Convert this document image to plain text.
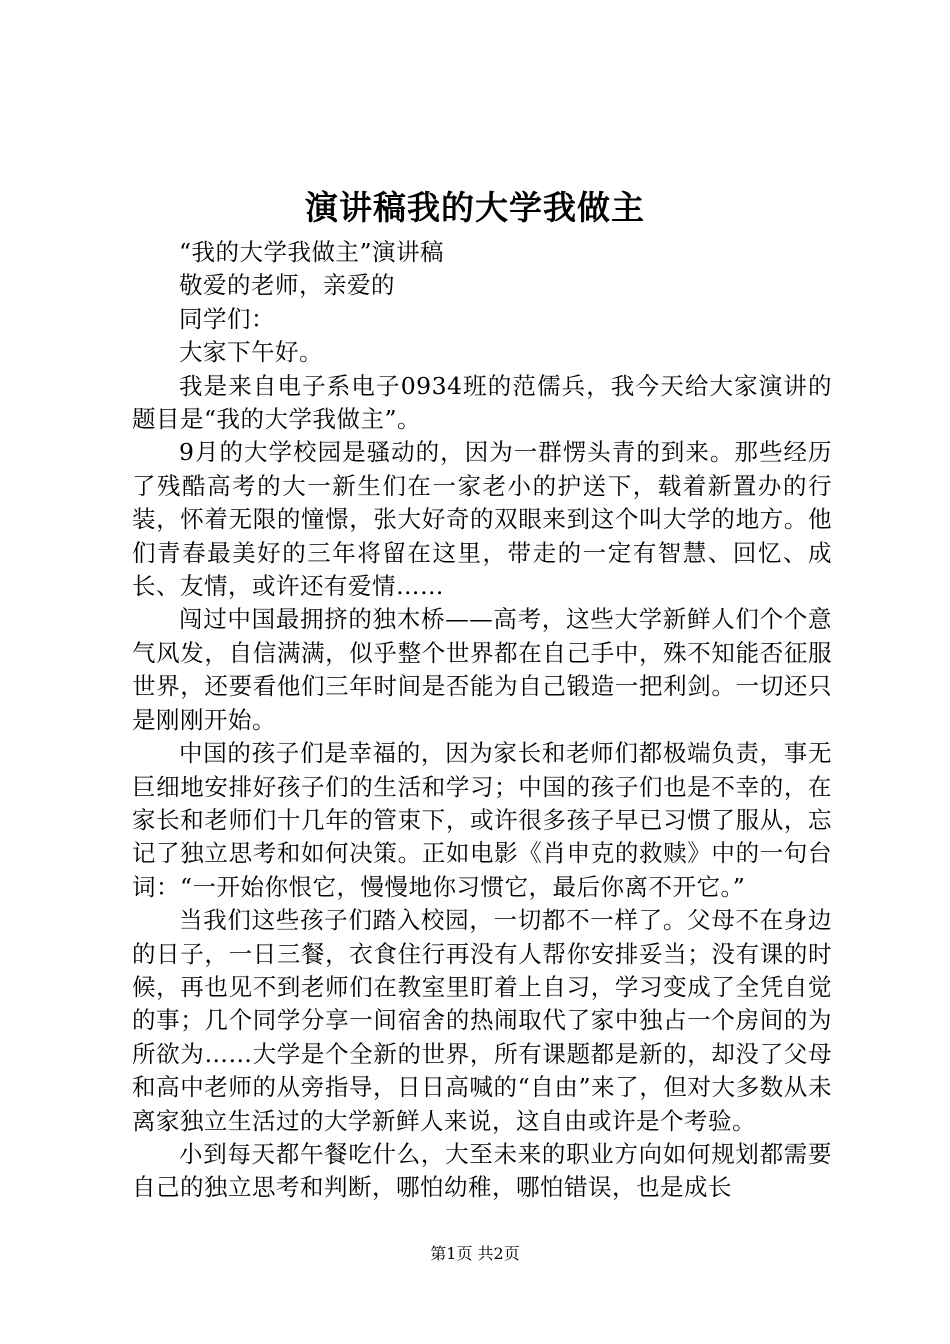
演讲稿我的大学我做主

“我的大学我做主”演讲稿

敬爱的老师，亲爱的

同学们：

大家下午好。

我是来自电子系电子0934班的范儒兵，我今天给大家演讲的题目是“我的大学我做主”。

9月的大学校园是骚动的，因为一群愣头青的到来。那些经历了残酷高考的大一新生们在一家老小的护送下，载着新置办的行装，怀着无限的憧憬，张大好奇的双眼来到这个叫大学的地方。他们青春最美好的三年将留在这里，带走的一定有智慧、回忆、成长、友情，或许还有爱情……

闯过中国最拥挤的独木桥——高考，这些大学新鲜人们个个意气风发，自信满满，似乎整个世界都在自己手中，殊不知能否征服世界，还要看他们三年时间是否能为自己锻造一把利剑。一切还只是刚刚开始。

中国的孩子们是幸福的，因为家长和老师们都极端负责，事无巨细地安排好孩子们的生活和学习；中国的孩子们也是不幸的，在家长和老师们十几年的管束下，或许很多孩子早已习惯了服从，忘记了独立思考和如何决策。正如电影《肖申克的救赎》中的一句台词：“一开始你恨它，慢慢地你习惯它，最后你离不开它。”

当我们这些孩子们踏入校园，一切都不一样了。父母不在身边的日子，一日三餐，衣食住行再没有人帮你安排妥当；没有课的时候，再也见不到老师们在教室里盯着上自习，学习变成了全凭自觉的事；几个同学分享一间宿舍的热闹取代了家中独占一个房间的为所欲为……大学是个全新的世界，所有课题都是新的，却没了父母和高中老师的从旁指导，日日高喊的“自由”来了，但对大多数从未离家独立生活过的大学新鲜人来说，这自由或许是个考验。

小到每天都午餐吃什么，大至未来的职业方向如何规划都需要自己的独立思考和判断，哪怕幼稚，哪怕错误，也是成长

第1页 共2页
